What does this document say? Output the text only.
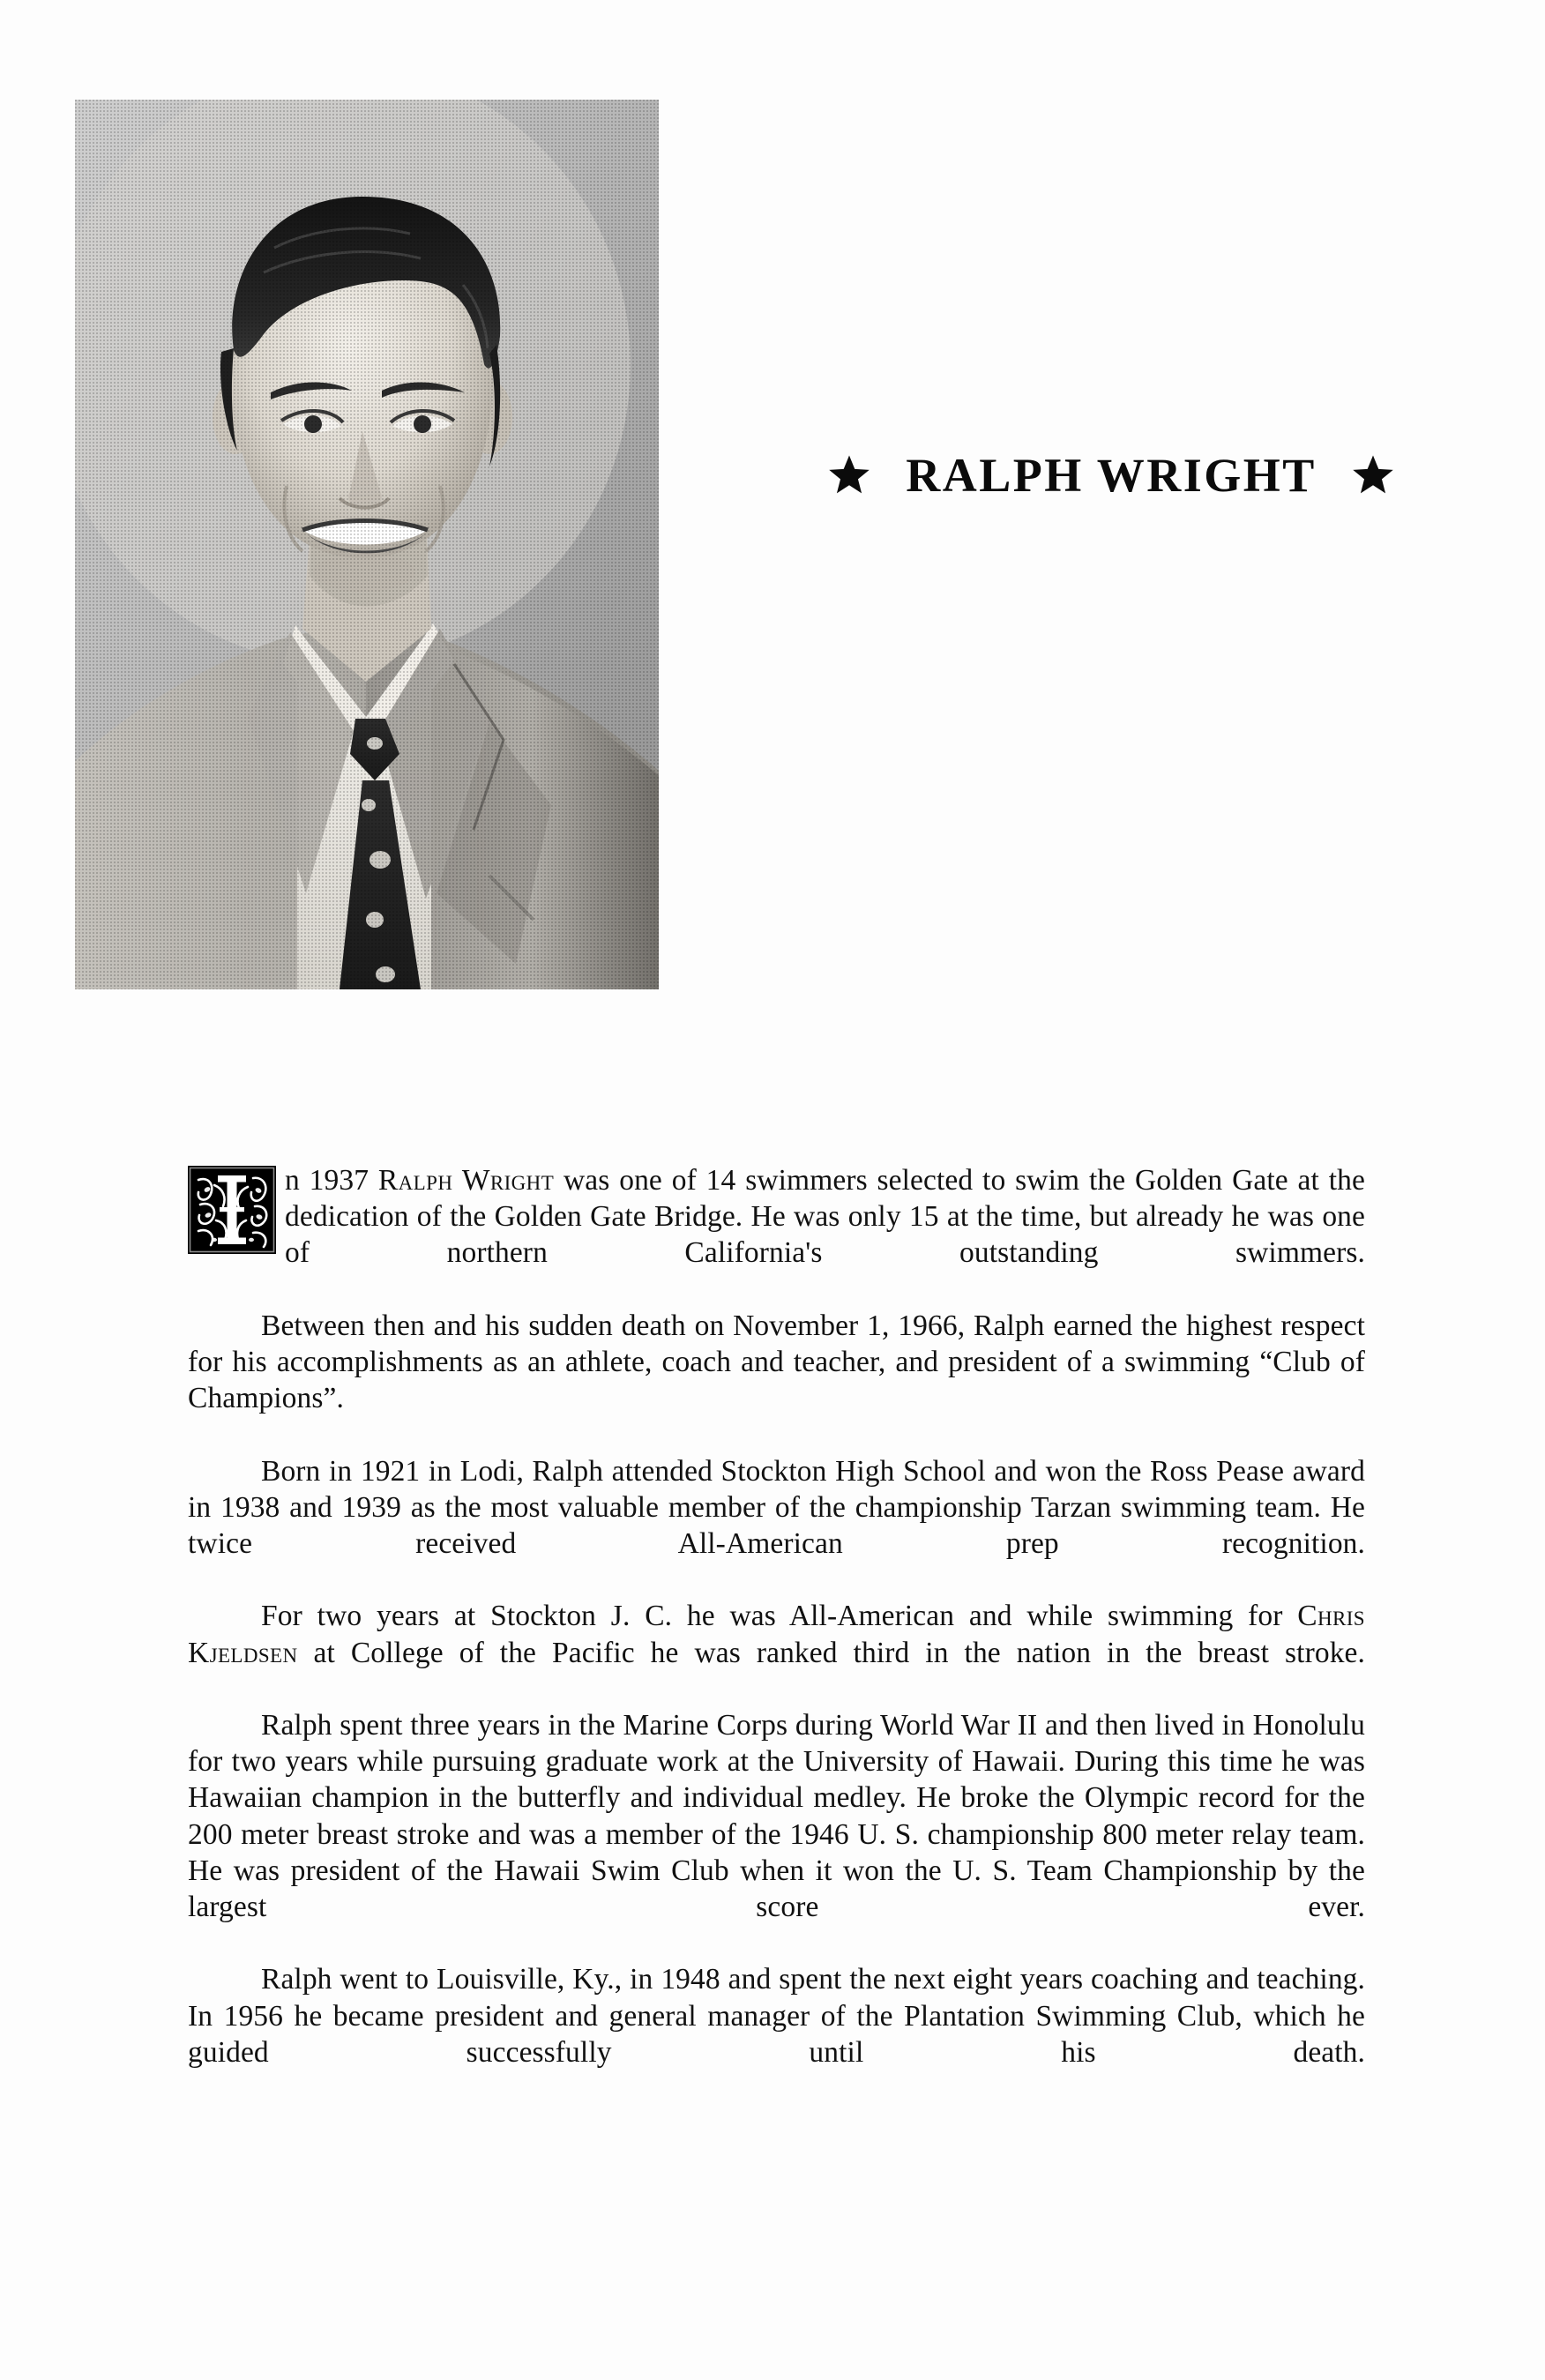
RALPH WRIGHT

n 1937 Ralph Wright was one of 14 swimmers selected to swim the Golden Gate at the dedication of the Golden Gate Bridge. He was only 15 at the time, but already he was one of northern California's outstanding swimmers.

Between then and his sudden death on November 1, 1966, Ralph earned the highest respect for his accomplishments as an athlete, coach and teacher, and president of a swimming “Club of Champions”.

Born in 1921 in Lodi, Ralph attended Stockton High School and won the Ross Pease award in 1938 and 1939 as the most valuable member of the championship Tarzan swimming team. He twice received All-American prep recognition.

For two years at Stockton J. C. he was All-American and while swimming for Chris Kjeldsen at College of the Pacific he was ranked third in the nation in the breast stroke.

Ralph spent three years in the Marine Corps during World War II and then lived in Honolulu for two years while pursuing graduate work at the University of Hawaii. During this time he was Hawaiian champion in the butterfly and individual medley. He broke the Olympic record for the 200 meter breast stroke and was a member of the 1946 U. S. championship 800 meter relay team. He was president of the Hawaii Swim Club when it won the U. S. Team Championship by the largest score ever.

Ralph went to Louisville, Ky., in 1948 and spent the next eight years coaching and teaching. In 1956 he became president and general manager of the Plantation Swimming Club, which he guided successfully until his death.
